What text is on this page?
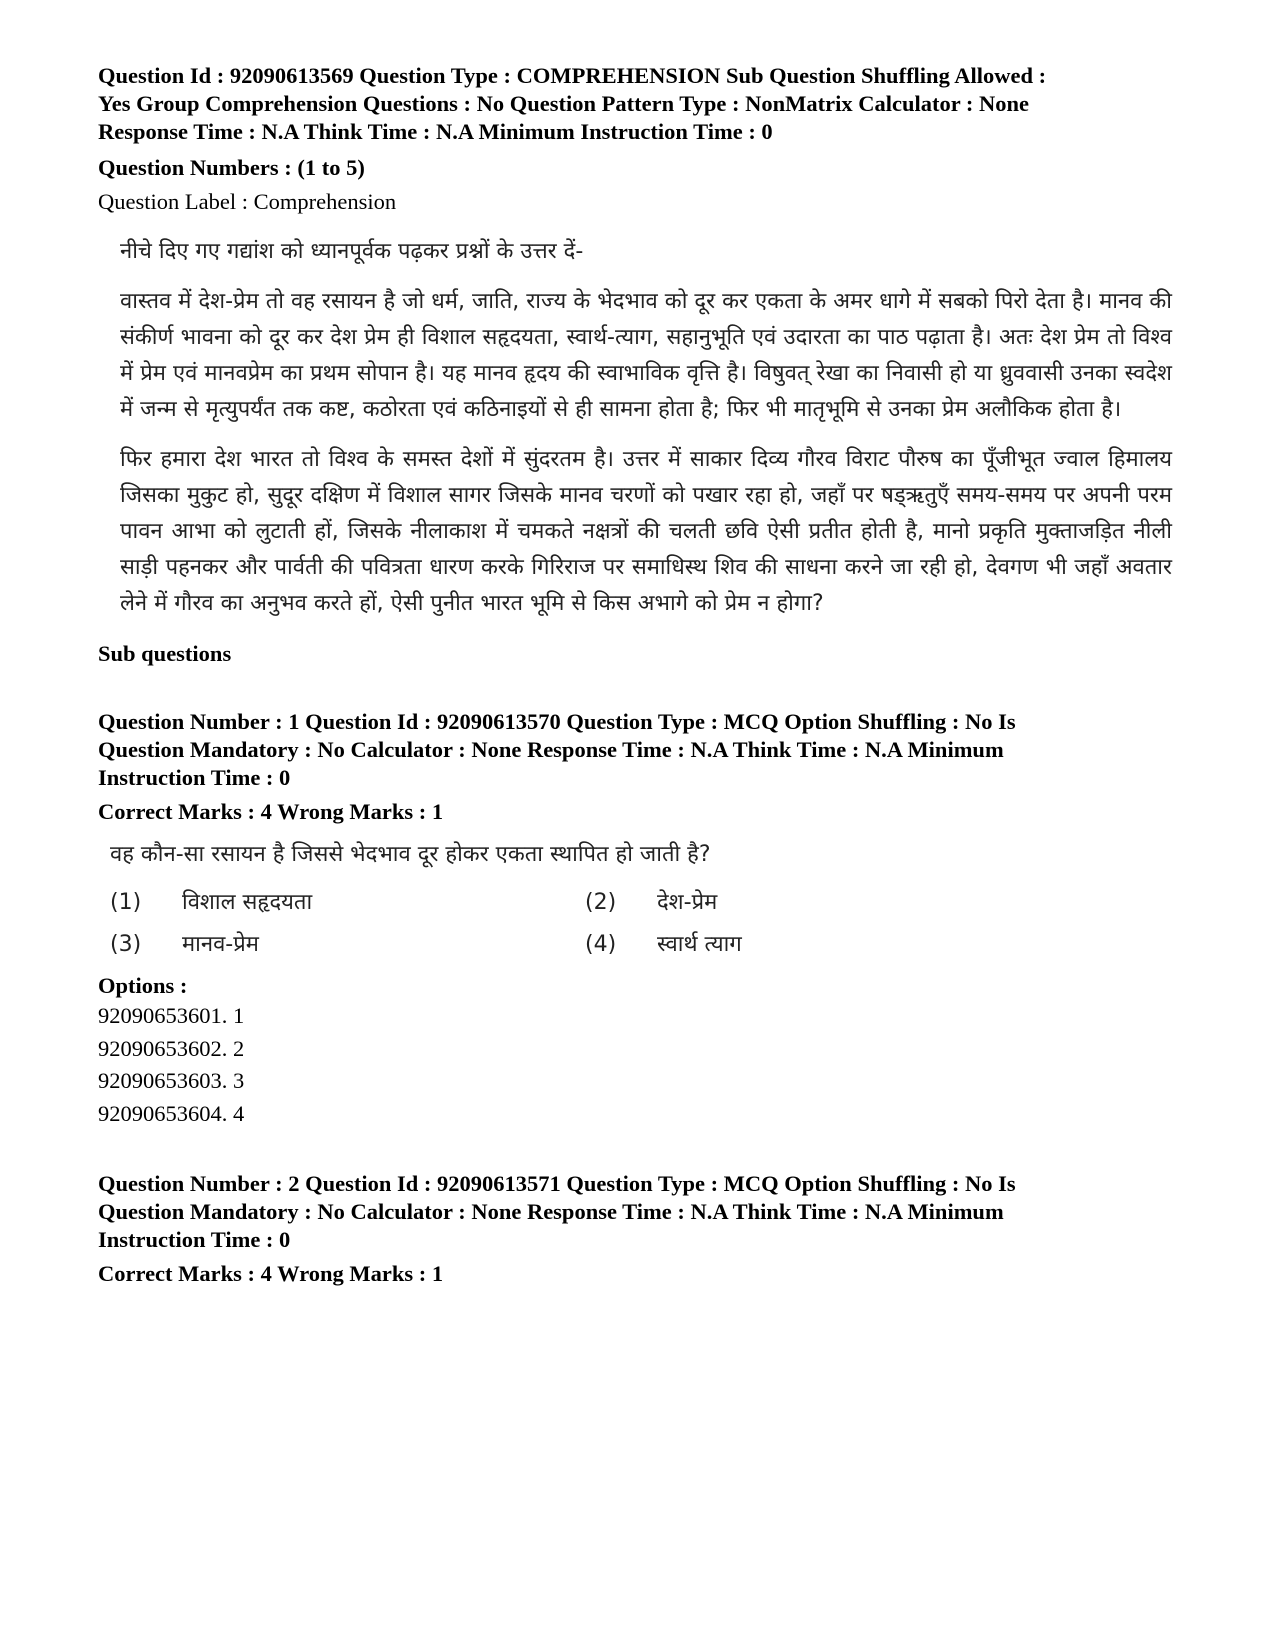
Question Id : 92090613569 Question Type : COMPREHENSION Sub Question Shuffling Allowed :

Yes Group Comprehension Questions : No Question Pattern Type : NonMatrix Calculator : None

Response Time : N.A Think Time : N.A Minimum Instruction Time : 0

Question Numbers : (1 to 5)
Question Label : Comprehension

नीचे दिए गए गद्यांश को ध्यानपूर्वक पढ़कर प्रश्नों के उत्तर दें-

वास्तव में देश-प्रेम तो वह रसायन है जो धर्म, जाति, राज्य के भेदभाव को दूर कर एकता के अमर धागे में सबको पिरो देता है। मानव की संकीर्ण भावना को दूर कर देश प्रेम ही विशाल सहृदयता, स्वार्थ-त्याग, सहानुभूति एवं उदारता का पाठ पढ़ाता है। अतः देश प्रेम तो विश्व में प्रेम एवं मानवप्रेम का प्रथम सोपान है। यह मानव हृदय की स्वाभाविक वृत्ति है। विषुवत् रेखा का निवासी हो या ध्रुववासी उनका स्वदेश में जन्म से मृत्युपर्यंत तक कष्ट, कठोरता एवं कठिनाइयों से ही सामना होता है; फिर भी मातृभूमि से उनका प्रेम अलौकिक होता है।

फिर हमारा देश भारत तो विश्व के समस्त देशों में सुंदरतम है। उत्तर में साकार दिव्य गौरव विराट पौरुष का पूँजीभूत ज्वाल हिमालय जिसका मुकुट हो, सुदूर दक्षिण में विशाल सागर जिसके मानव चरणों को पखार रहा हो, जहाँ पर षड्ऋतुएँ समय-समय पर अपनी परम पावन आभा को लुटाती हों, जिसके नीलाकाश में चमकते नक्षत्रों की चलती छवि ऐसी प्रतीत होती है, मानो प्रकृति मुक्ताजड़ित नीली साड़ी पहनकर और पार्वती की पवित्रता धारण करके गिरिराज पर समाधिस्थ शिव की साधना करने जा रही हो, देवगण भी जहाँ अवतार लेने में गौरव का अनुभव करते हों, ऐसी पुनीत भारत भूमि से किस अभागे को प्रेम न होगा?

Sub questions

Question Number : 1 Question Id : 92090613570 Question Type : MCQ Option Shuffling : No Is

Question Mandatory : No Calculator : None Response Time : N.A Think Time : N.A Minimum

Instruction Time : 0

Correct Marks : 4 Wrong Marks : 1
वह कौन-सा रसायन है जिससे भेदभाव दूर होकर एकता स्थापित हो जाती है?
(1)	विशाल सहृदयता	(2)	देश-प्रेम
(3)	मानव-प्रेम	(4)	स्वार्थ त्याग
Options :
92090653601. 1
92090653602. 2
92090653603. 3
92090653604. 4

Question Number : 2 Question Id : 92090613571 Question Type : MCQ Option Shuffling : No Is

Question Mandatory : No Calculator : None Response Time : N.A Think Time : N.A Minimum

Instruction Time : 0

Correct Marks : 4 Wrong Marks : 1
